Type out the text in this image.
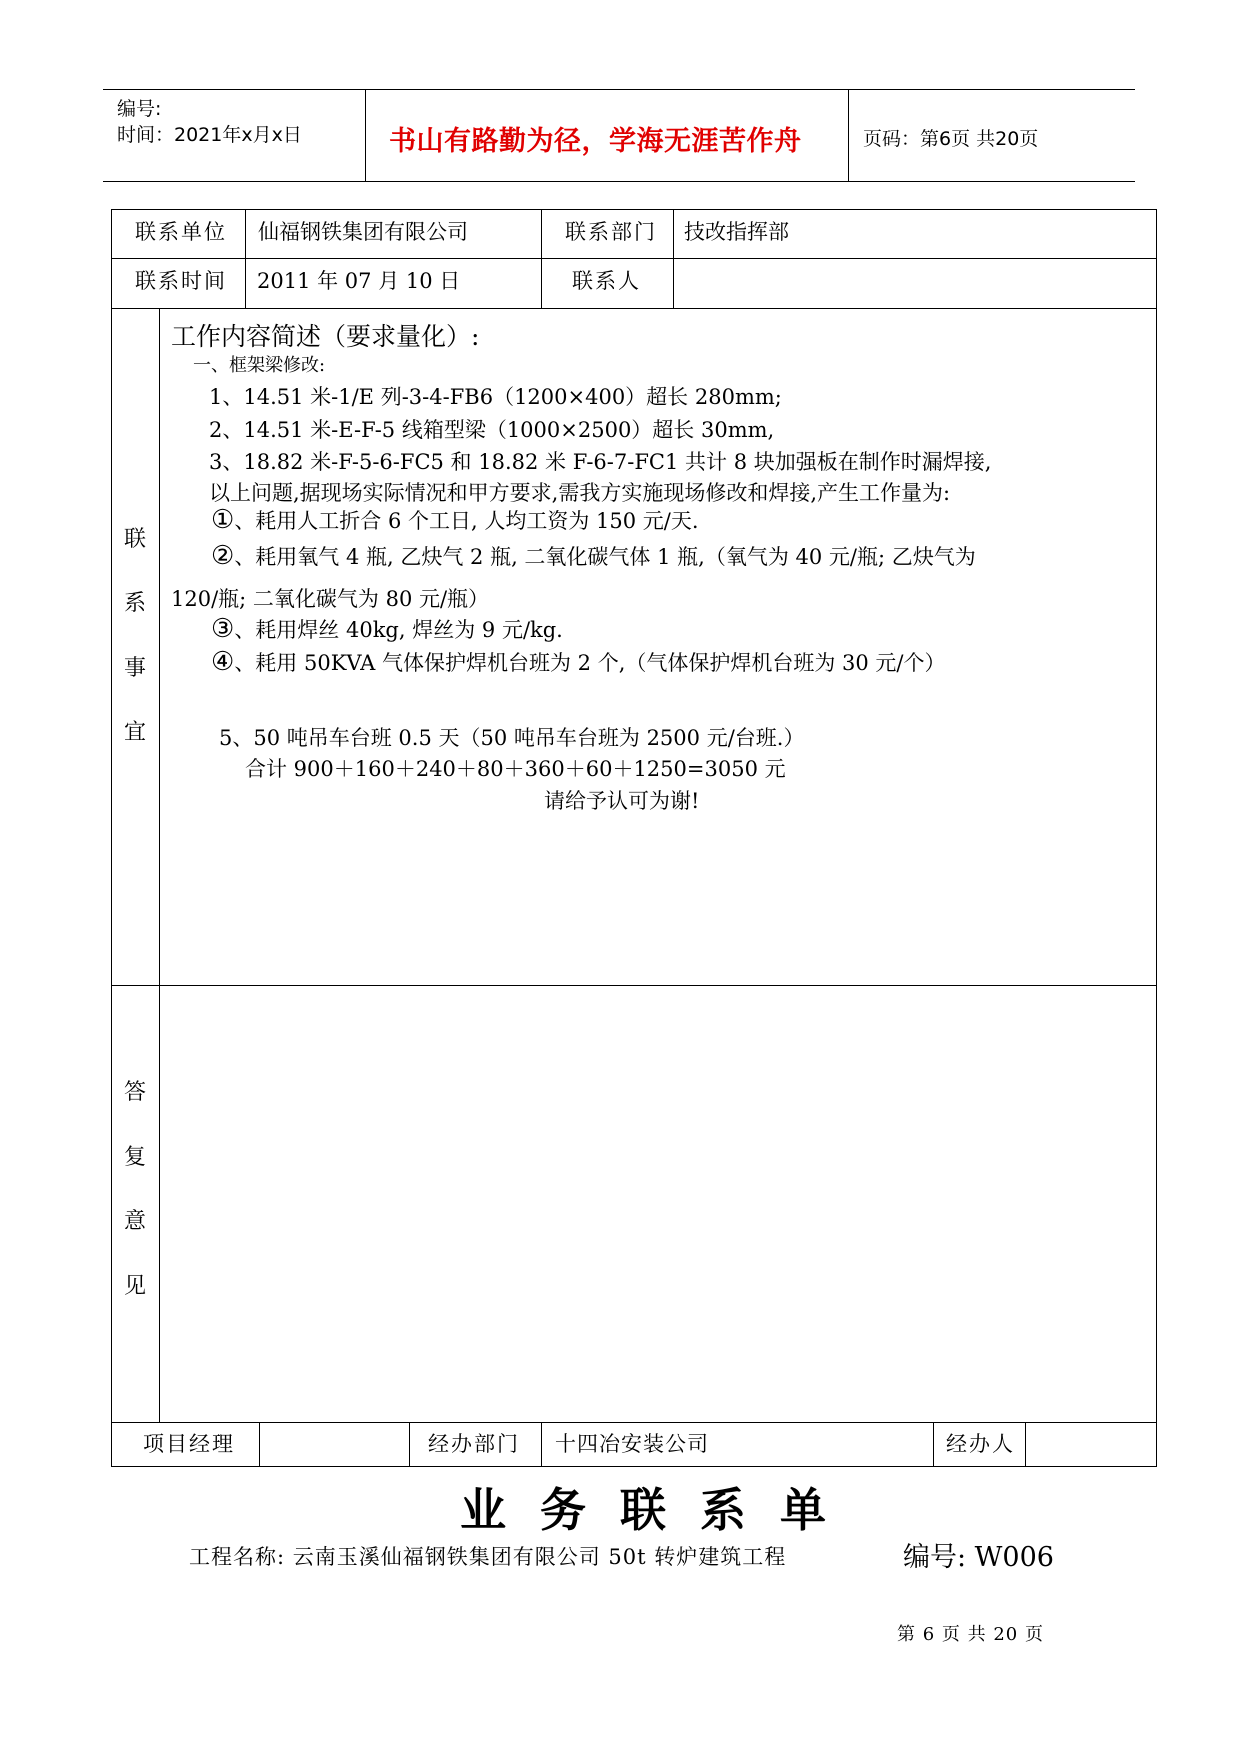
编号:
时间：2021年x月x日	书山有路勤为径，学海无涯苦作舟	页码：第6页 共20页
联系单位 仙福钢铁集团有限公司	联系部门 技改指挥部
联系时间 2011 年 07 月 10 日	联系人
联
系
事
宜
工作内容简述（要求量化）:
一、框架梁修改:
1、14.51 米-1/E 列-3-4-FB6（1200×400）超长 280mm;
2、14.51 米-E-F-5 线箱型梁（1000×2500）超长 30mm,
3、18.82 米-F-5-6-FC5 和 18.82 米 F-6-7-FC1 共计 8 块加强板在制作时漏焊接,
以上问题,据现场实际情况和甲方要求,需我方实施现场修改和焊接,产生工作量为:
①、耗用人工折合 6 个工日, 人均工资为 150 元/天.
②、耗用氧气 4 瓶, 乙炔气 2 瓶, 二氧化碳气体 1 瓶,（氧气为 40 元/瓶; 乙炔气为
120/瓶; 二氧化碳气为 80 元/瓶）
③、耗用焊丝 40kg, 焊丝为 9 元/kg.
④、耗用 50KVA 气体保护焊机台班为 2 个,（气体保护焊机台班为 30 元/个）
5、50 吨吊车台班 0.5 天（50 吨吊车台班为 2500 元/台班.）
合计 900＋160＋240＋80＋360＋60＋1250=3050 元
请给予认可为谢!
答
复
意
见
项目经理	经办部门 十四冶安装公司	经办人
业务联系单
工程名称: 云南玉溪仙福钢铁集团有限公司 50t 转炉建筑工程	编号: W006
第 6 页 共 20 页
